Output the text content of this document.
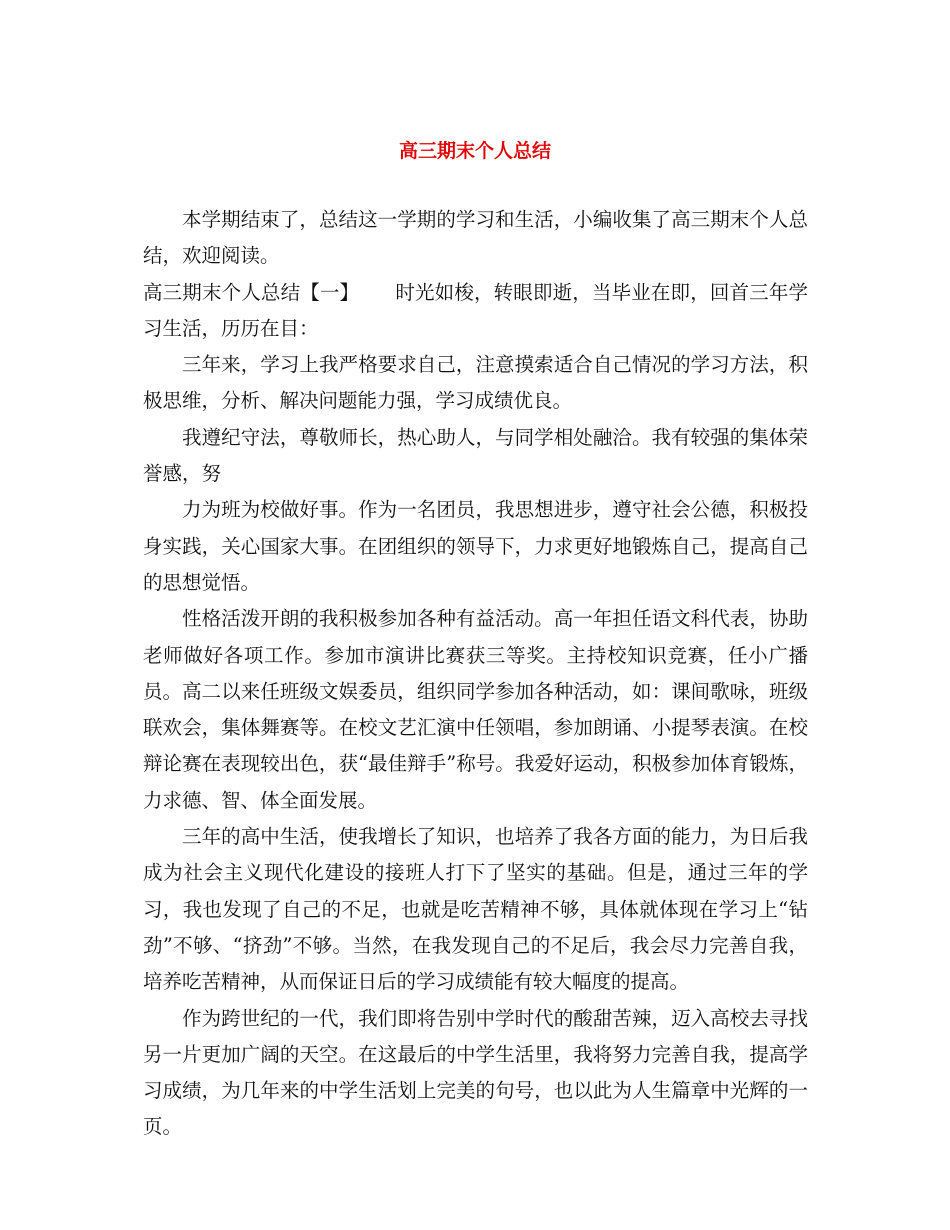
高三期末个人总结

本学期结束了，总结这一学期的学习和生活，小编收集了高三期末个人总结，欢迎阅读。

高三期末个人总结【一】 时光如梭，转眼即逝，当毕业在即，回首三年学习生活，历历在目：

三年来，学习上我严格要求自己，注意摸索适合自己情况的学习方法，积极思维，分析、解决问题能力强，学习成绩优良。

我遵纪守法，尊敬师长，热心助人，与同学相处融洽。我有较强的集体荣誉感，努

力为班为校做好事。作为一名团员，我思想进步，遵守社会公德，积极投身实践，关心国家大事。在团组织的领导下，力求更好地锻炼自己，提高自己的思想觉悟。

性格活泼开朗的我积极参加各种有益活动。高一年担任语文科代表，协助老师做好各项工作。参加市演讲比赛获三等奖。主持校知识竞赛，任小广播员。高二以来任班级文娱委员，组织同学参加各种活动，如：课间歌咏，班级联欢会，集体舞赛等。在校文艺汇演中任领唱，参加朗诵、小提琴表演。在校辩论赛在表现较出色，获“最佳辩手”称号。我爱好运动，积极参加体育锻炼，力求德、智、体全面发展。

三年的高中生活，使我增长了知识，也培养了我各方面的能力，为日后我成为社会主义现代化建设的接班人打下了坚实的基础。但是，通过三年的学习，我也发现了自己的不足，也就是吃苦精神不够，具体就体现在学习上“钻劲”不够、“挤劲”不够。当然，在我发现自己的不足后，我会尽力完善自我，培养吃苦精神，从而保证日后的学习成绩能有较大幅度的提高。

作为跨世纪的一代，我们即将告别中学时代的酸甜苦辣，迈入高校去寻找另一片更加广阔的天空。在这最后的中学生活里，我将努力完善自我，提高学习成绩，为几年来的中学生活划上完美的句号，也以此为人生篇章中光辉的一页。
